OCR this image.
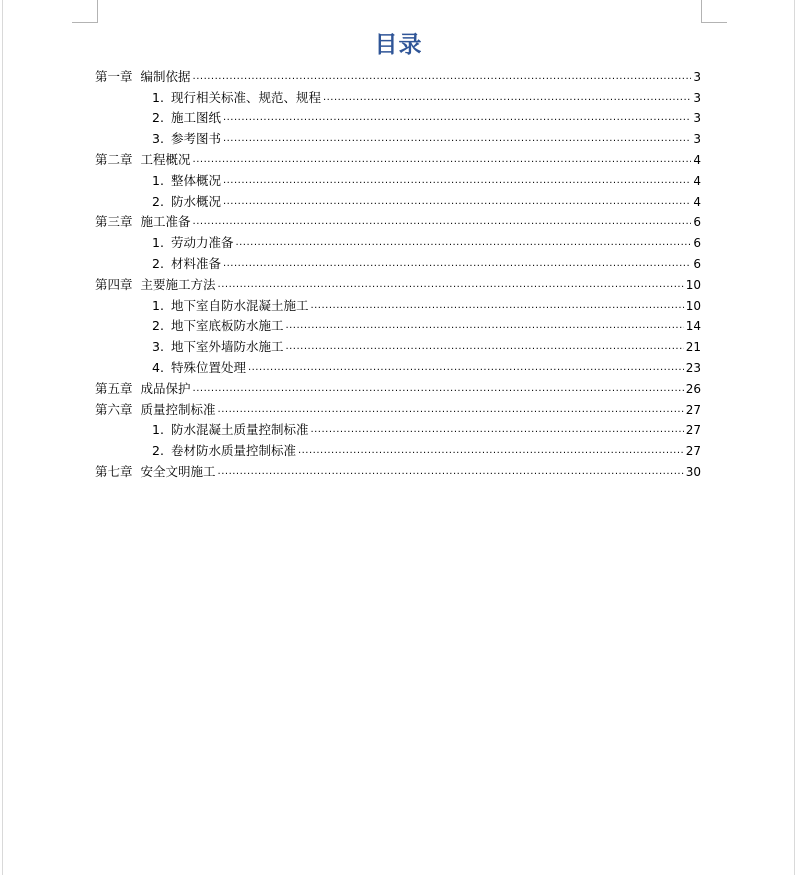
目录
第一章 编制依据 .....	3
1. 现行相关标准、规范、规程 .....	3
2. 施工图纸 .....	3
3. 参考图书 .....	3
第二章 工程概况 .....	4
1. 整体概况 .....	4
2. 防水概况 .....	4
第三章 施工准备 .....	6
1. 劳动力准备 .....	6
2. 材料准备 .....	6
第四章 主要施工方法 .....	10
1. 地下室自防水混凝土施工 .....	10
2. 地下室底板防水施工 .....	14
3. 地下室外墙防水施工 .....	21
4. 特殊位置处理 .....	23
第五章 成品保护 .....	26
第六章 质量控制标准 .....	27
1. 防水混凝土质量控制标准 .....	27
2. 卷材防水质量控制标准 .....	27
第七章 安全文明施工 .....	30
